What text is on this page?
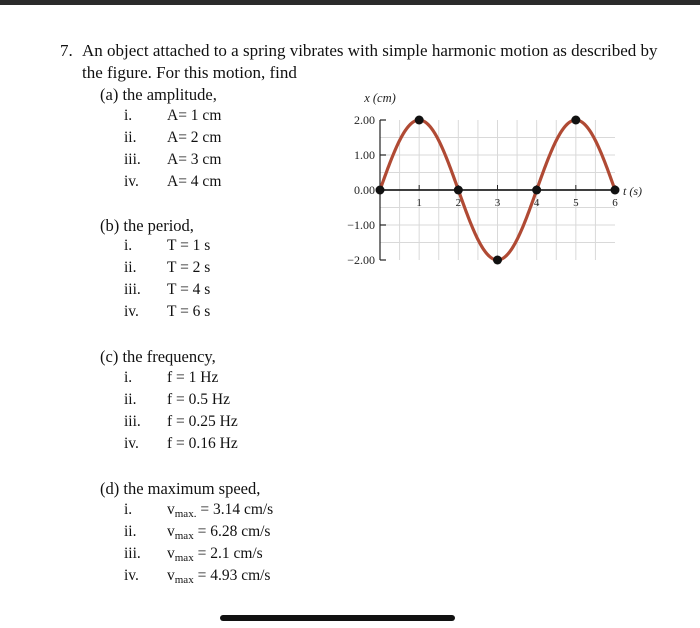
7. An object attached to a spring vibrates with simple harmonic motion as described by
the figure. For this motion, find
(a) the amplitude,
i. A= 1 cm
ii. A= 2 cm
iii. A= 3 cm
iv. A= 4 cm
(b) the period,
i. T = 1 s
ii. T = 2 s
iii. T = 4 s
iv. T = 6 s
(c) the frequency,
i. f = 1 Hz
ii. f = 0.5 Hz
iii. f = 0.25 Hz
iv. f = 0.16 Hz
(d) the maximum speed,
i. vmax. = 3.14 cm/s
ii. vmax = 6.28 cm/s
iii. vmax = 2.1 cm/s
iv. vmax = 4.93 cm/s
2.00
1.00
0.00
−1.00
−2.00
1	2	3	4	5	6
x (cm)
t (s)
